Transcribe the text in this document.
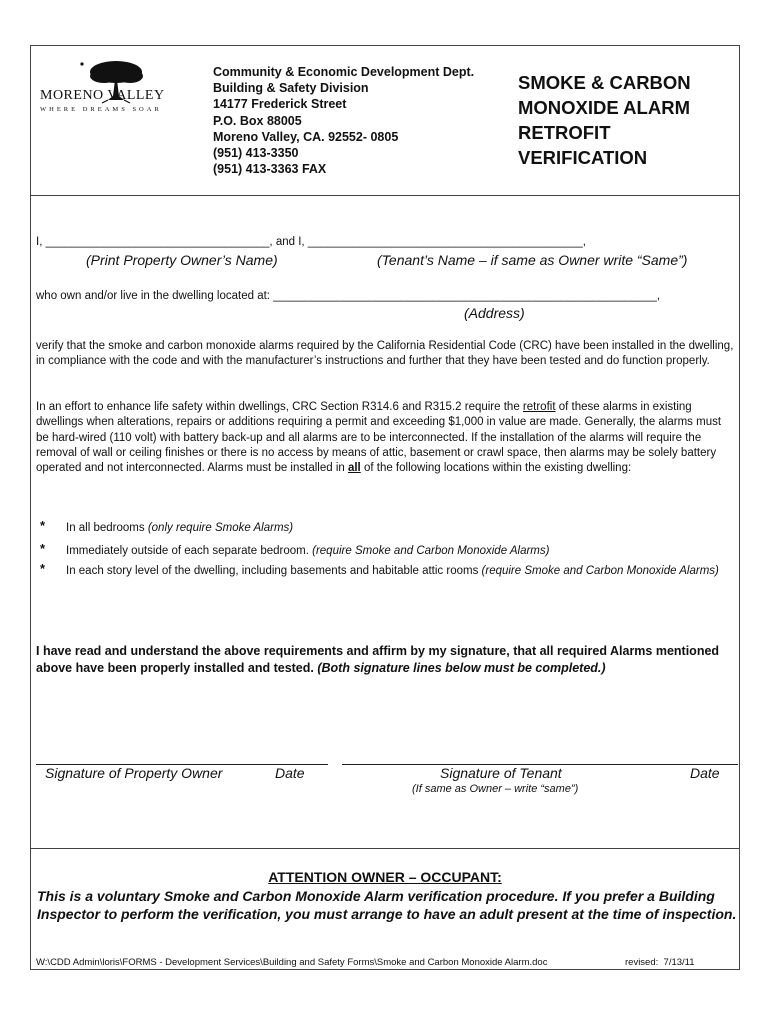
MORENO VALLEY
WHERE DREAMS SOAR
Community & Economic Development Dept.
Building & Safety Division
14177 Frederick Street
P.O. Box 88005
Moreno Valley, CA. 92552- 0805
(951) 413-3350
(951) 413-3363 FAX
SMOKE & CARBON
MONOXIDE ALARM
RETROFIT
VERIFICATION
I, ___________________________________, and I, ___________________________________________,
(Print Property Owner’s Name)	(Tenant’s Name – if same as Owner write “Same”)
who own and/or live in the dwelling located at: ____________________________________________________________,
(Address)
verify that the smoke and carbon monoxide alarms required by the California Residential Code (CRC) have been installed in the dwelling, in compliance with the code and with the manufacturer’s instructions and further that they have been tested and do function properly.
In an effort to enhance life safety within dwellings, CRC Section R314.6 and R315.2 require the retrofit of these alarms in existing dwellings when alterations, repairs or additions requiring a permit and exceeding $1,000 in value are made. Generally, the alarms must be hard-wired (110 volt) with battery back-up and all alarms are to be interconnected. If the installation of the alarms will require the removal of wall or ceiling finishes or there is no access by means of attic, basement or crawl space, then alarms may be solely battery operated and not interconnected. Alarms must be installed in all of the following locations within the existing dwelling:
* In all bedrooms (only require Smoke Alarms)
* Immediately outside of each separate bedroom. (require Smoke and Carbon Monoxide Alarms)
* In each story level of the dwelling, including basements and habitable attic rooms (require Smoke and Carbon Monoxide Alarms)
I have read and understand the above requirements and affirm by my signature, that all required Alarms mentioned above have been properly installed and tested. (Both signature lines below must be completed.)
Signature of Property Owner	Date	Signature of Tenant	Date
(If same as Owner – write “same”)
ATTENTION OWNER – OCCUPANT:
This is a voluntary Smoke and Carbon Monoxide Alarm verification procedure. If you prefer a Building Inspector to perform the verification, you must arrange to have an adult present at the time of inspection.
W:\CDD Admin\loris\FORMS - Development Services\Building and Safety Forms\Smoke and Carbon Monoxide Alarm.doc	revised:  7/13/11
